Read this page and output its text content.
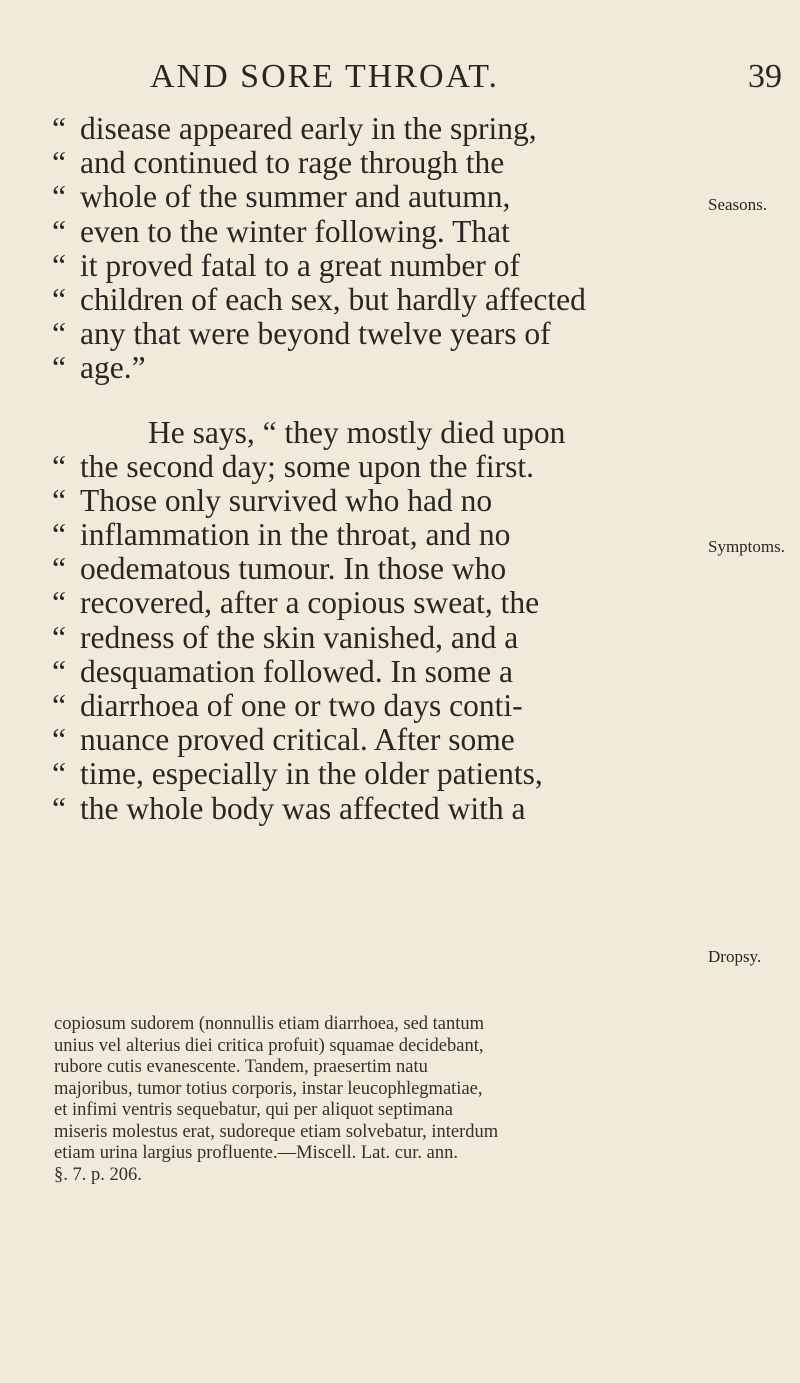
AND SORE THROAT.	39
“ disease appeared early in the spring,
“ and continued to rage through the
“ whole of the summer and autumn,
“ even to the winter following. That
“ it proved fatal to a great number of
“ children of each sex, but hardly affected
“ any that were beyond twelve years of
“ age.”
He says, “ they mostly died upon
“ the second day; some upon the first.
“ Those only survived who had no
“ inflammation in the throat, and no
“ oedematous tumour. In those who
“ recovered, after a copious sweat, the
“ redness of the skin vanished, and a
“ desquamation followed. In some a
“ diarrhoea of one or two days conti-
“ nuance proved critical. After some
“ time, especially in the older patients,
“ the whole body was affected with a
Seasons.
Symptoms.
Dropsy.
copiosum sudorem (nonnullis etiam diarrhoea, sed tantum
unius vel alterius diei critica profuit) squamae decidebant,
rubore cutis evanescente. Tandem, praesertim natu
majoribus, tumor totius corporis, instar leucophlegmatiae,
et infimi ventris sequebatur, qui per aliquot septimana
miseris molestus erat, sudoreque etiam solvebatur, interdum
etiam urina largius profluente.—Miscell. Lat. cur. ann.
§. 7. p. 206.
